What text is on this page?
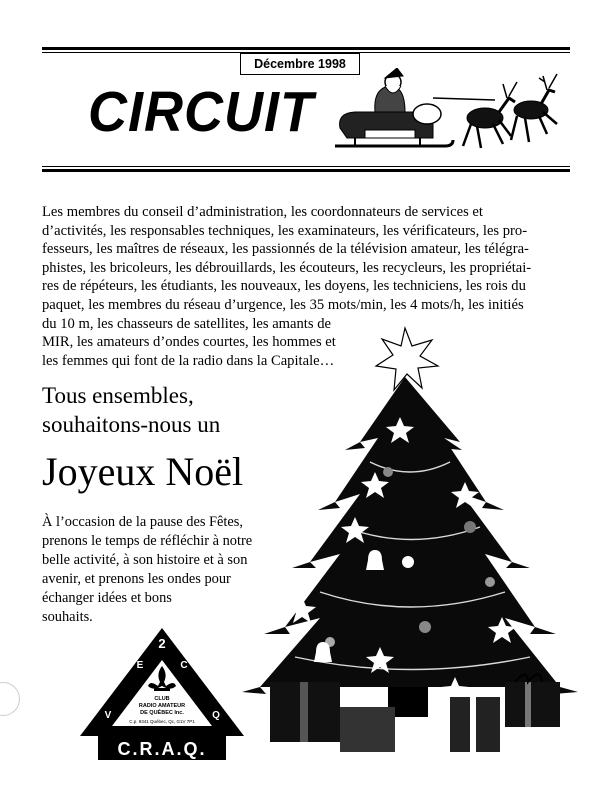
Décembre 1998
CIRCUIT
Les membres du conseil d’administration, les coordonnateurs de services et
d’activités, les responsables techniques, les examinateurs, les vérificateurs, les pro-
fesseurs, les maîtres de réseaux, les passionnés de la télévision amateur, les télégra-
phistes, les bricoleurs, les débrouillards, les écouteurs, les recycleurs, les propriétai-
res de répéteurs, les étudiants, les nouveaux, les doyens, les techniciens, les rois du
paquet, les membres du réseau d’urgence, les 35 mots/min, les 4 mots/h, les initiés
du 10 m, les chasseurs de satellites, les amants de
MIR, les amateurs d’ondes courtes, les hommes et
les femmes qui font de la radio dans la Capitale…
Tous ensembles,
souhaitons-nous un
Joyeux Noël
À l’occasion de la pause des Fêtes,
prenons le temps de réfléchir à notre
belle activité, à son histoire et à son
avenir, et prenons les ondes pour
échanger idées et bons
souhaits.
2
E	C
V	Q
CLUB
RADIO AMATEUR
DE QUÉBEC Inc.
C.p. 9341 Québec, Qc, G1V 7P1
C.R.A.Q.
